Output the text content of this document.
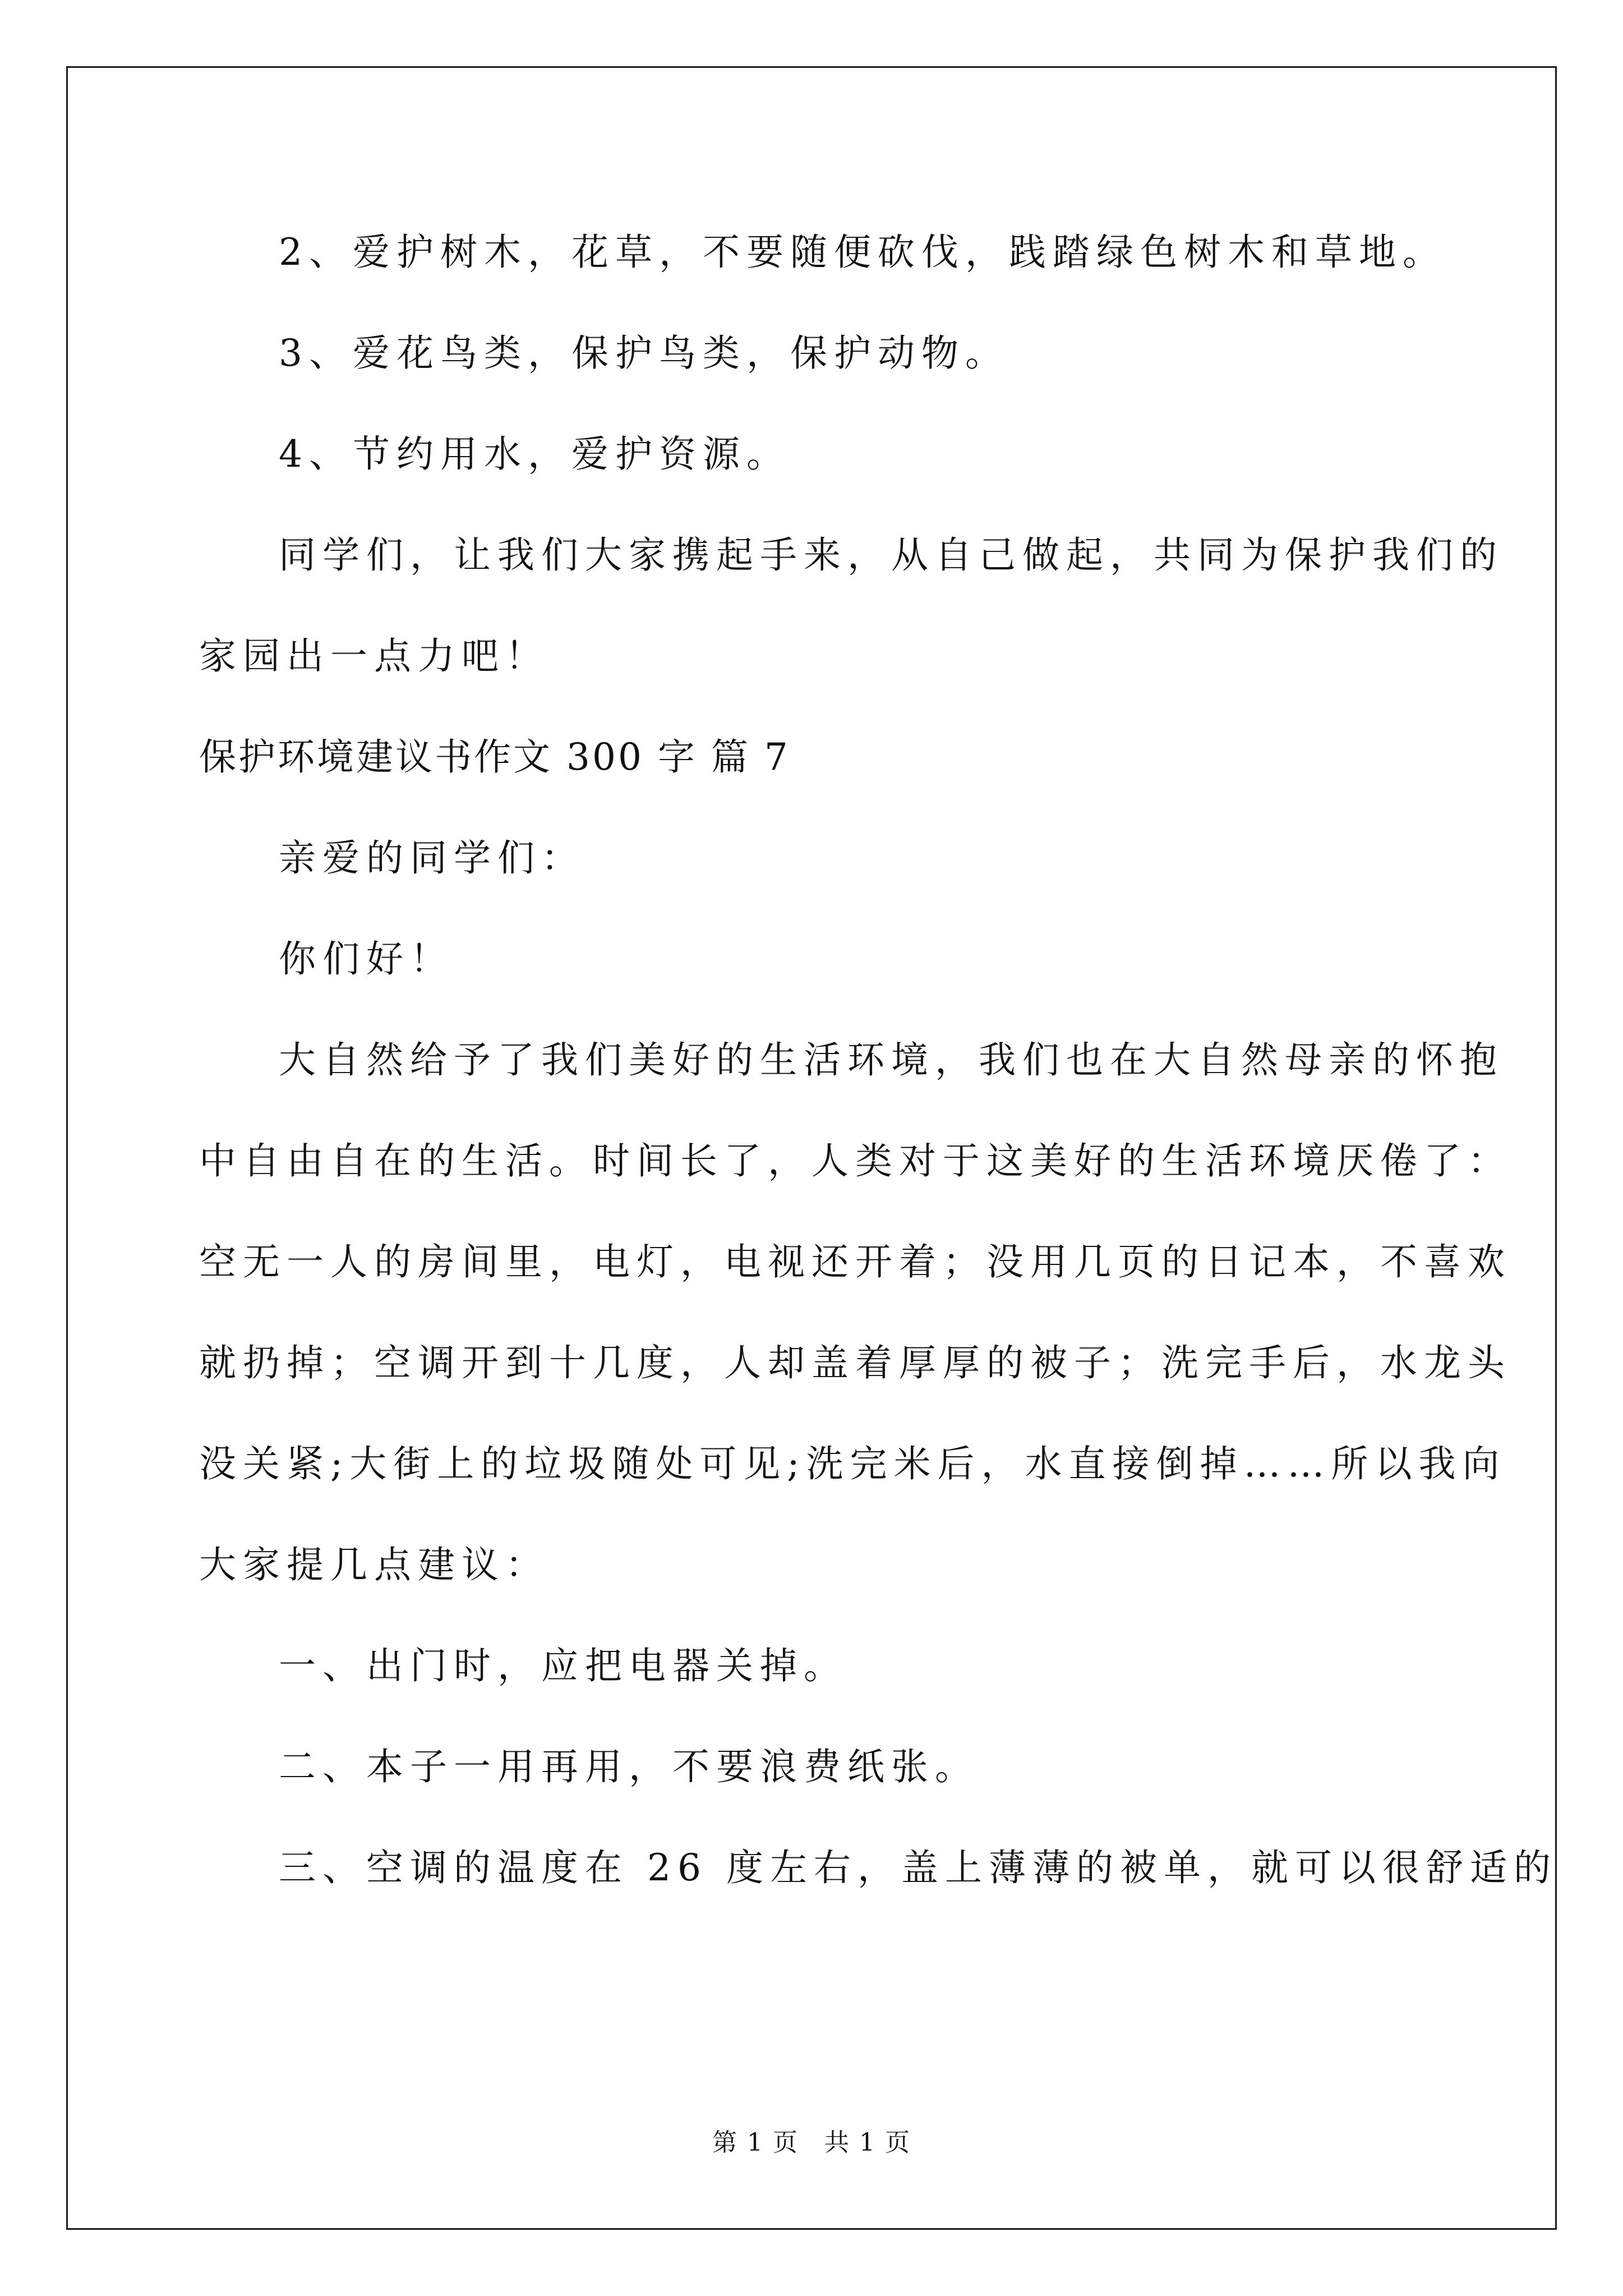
2、爱护树木，花草，不要随便砍伐，践踏绿色树木和草地。
3、爱花鸟类，保护鸟类，保护动物。
4、节约用水，爱护资源。
同学们，让我们大家携起手来，从自己做起，共同为保护我们的
家园出一点力吧！
保护环境建议书作文 300 字 篇 7
亲爱的同学们：
你们好！
大自然给予了我们美好的生活环境，我们也在大自然母亲的怀抱
中自由自在的生活。时间长了，人类对于这美好的生活环境厌倦了：
空无一人的房间里，电灯，电视还开着；没用几页的日记本，不喜欢
就扔掉；空调开到十几度，人却盖着厚厚的被子；洗完手后，水龙头
没关紧;大街上的垃圾随处可见;洗完米后，水直接倒掉……所以我向
大家提几点建议：
一、出门时，应把电器关掉。
二、本子一用再用，不要浪费纸张。
三、空调的温度在 26 度左右，盖上薄薄的被单，就可以很舒适的
第 1 页　共 1 页
